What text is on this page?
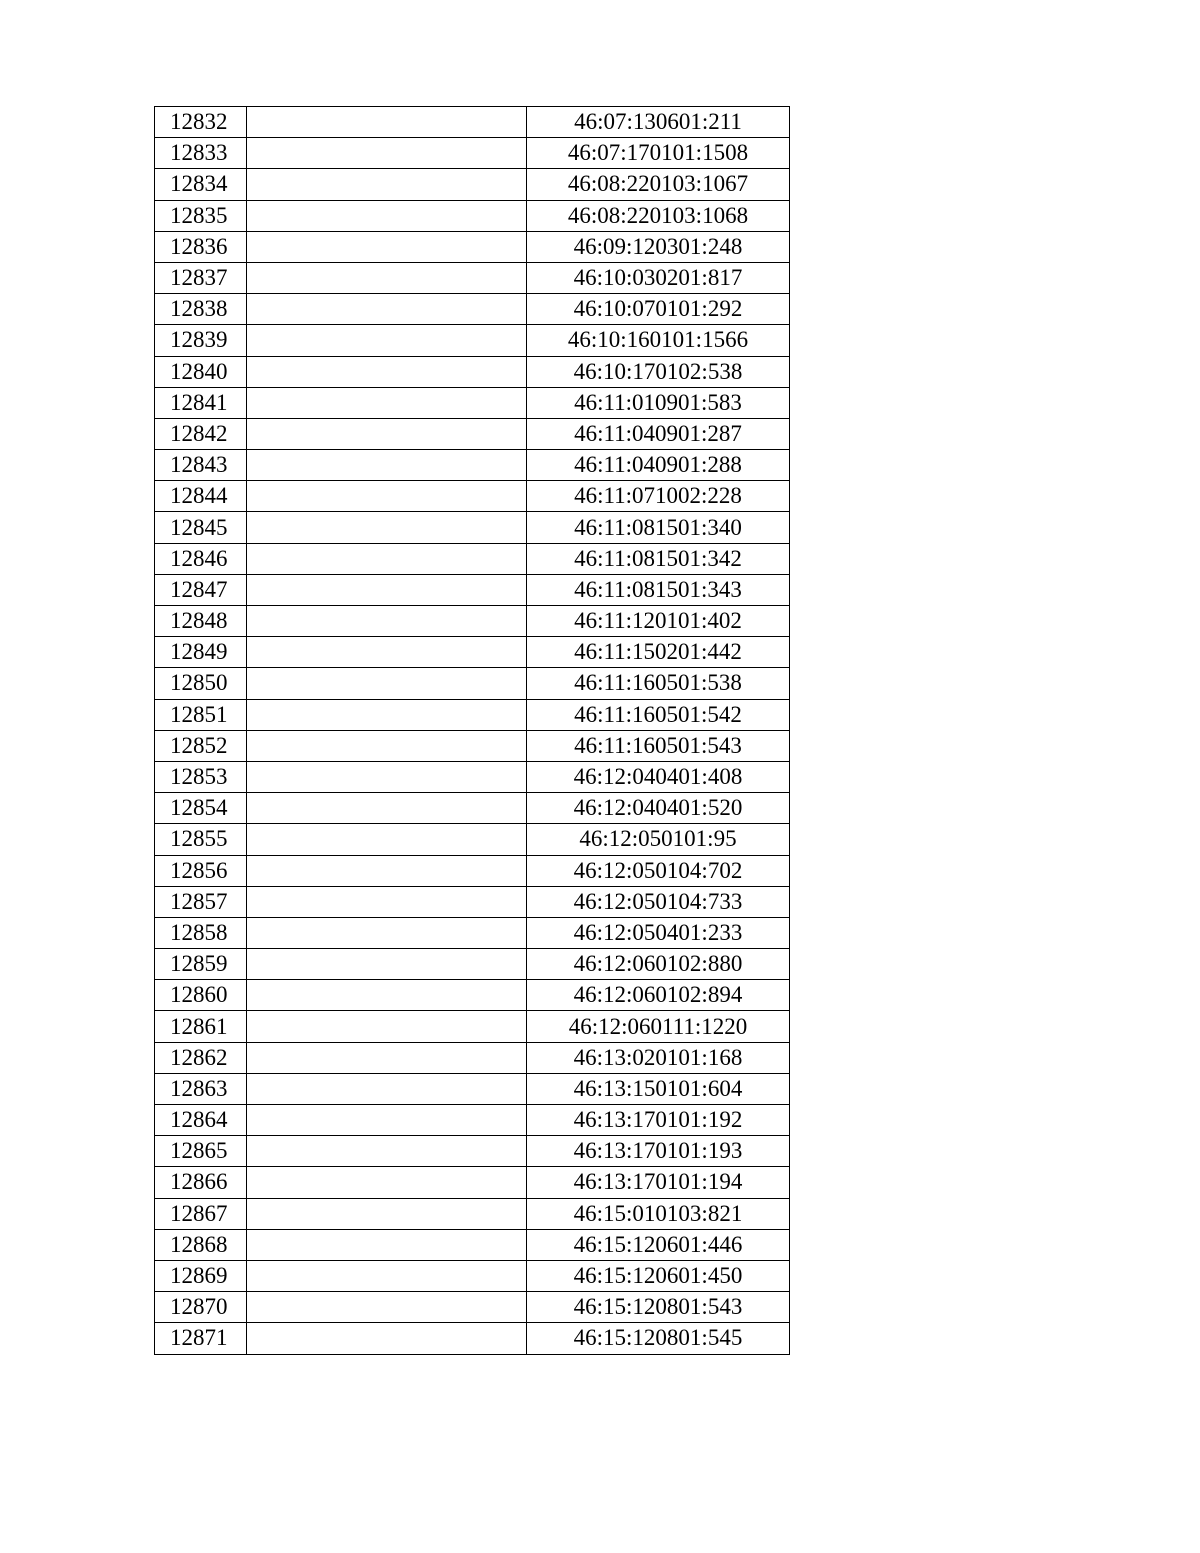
12832		46:07:130601:211
12833		46:07:170101:1508
12834		46:08:220103:1067
12835		46:08:220103:1068
12836		46:09:120301:248
12837		46:10:030201:817
12838		46:10:070101:292
12839		46:10:160101:1566
12840		46:10:170102:538
12841		46:11:010901:583
12842		46:11:040901:287
12843		46:11:040901:288
12844		46:11:071002:228
12845		46:11:081501:340
12846		46:11:081501:342
12847		46:11:081501:343
12848		46:11:120101:402
12849		46:11:150201:442
12850		46:11:160501:538
12851		46:11:160501:542
12852		46:11:160501:543
12853		46:12:040401:408
12854		46:12:040401:520
12855		46:12:050101:95
12856		46:12:050104:702
12857		46:12:050104:733
12858		46:12:050401:233
12859		46:12:060102:880
12860		46:12:060102:894
12861		46:12:060111:1220
12862		46:13:020101:168
12863		46:13:150101:604
12864		46:13:170101:192
12865		46:13:170101:193
12866		46:13:170101:194
12867		46:15:010103:821
12868		46:15:120601:446
12869		46:15:120601:450
12870		46:15:120801:543
12871		46:15:120801:545
